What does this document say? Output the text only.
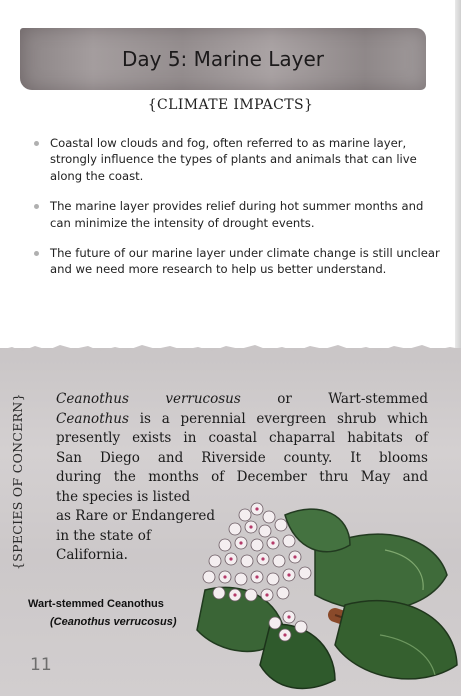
Day 5: Marine Layer
{CLIMATE IMPACTS}
Coastal low clouds and fog, often referred to as marine layer, strongly influence the types of plants and animals that can live along the coast.
The marine layer provides relief during hot summer months and can minimize the intensity of drought events.
The future of our marine layer under climate change is still unclear and we need more research to help us better understand.
{SPECIES OF CONCERN}	Ceanothus verrucosus	or	Wart-stemmed
Ceanothus is a perennial evergreen shrub which
presently exists in coastal chaparral habitats of
San Diego and Riverside county. It blooms
during the months of December thru May and
the species is listed
as Rare or Endangered
in the state of
California.
Wart-stemmed Ceanothus
(Ceanothus verrucosus)
11
